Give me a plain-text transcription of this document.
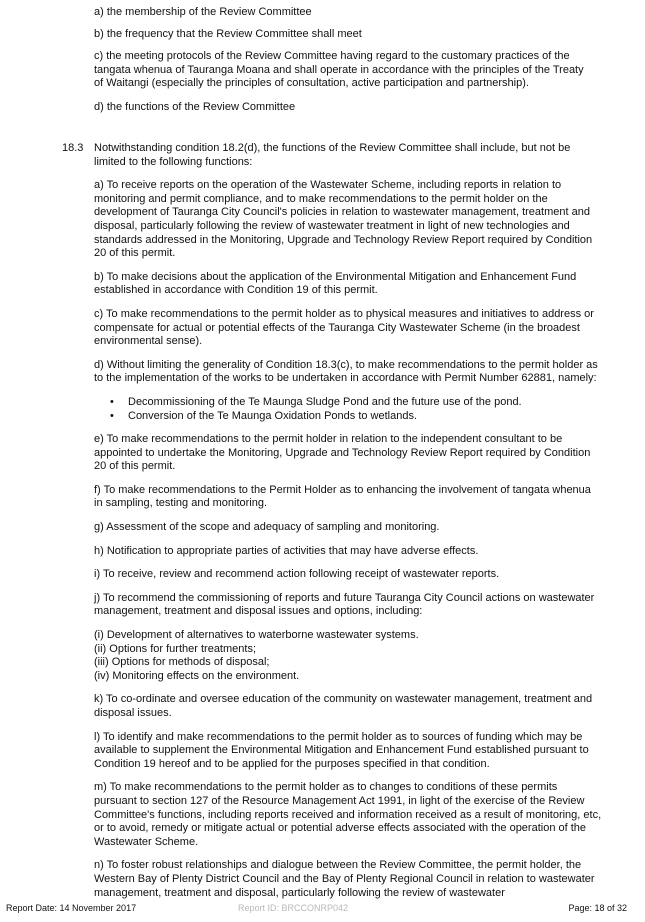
a) the membership of the Review Committee

b) the frequency that the Review Committee shall meet

c) the meeting protocols of the Review Committee having regard to the customary practices of the tangata whenua of Tauranga Moana and shall operate in accordance with the principles of the Treaty of Waitangi (especially the principles of consultation, active participation and partnership).

d) the functions of the Review Committee

18.3 Notwithstanding condition 18.2(d), the functions of the Review Committee shall include, but not be limited to the following functions:

a) To receive reports on the operation of the Wastewater Scheme, including reports in relation to monitoring and permit compliance, and to make recommendations to the permit holder on the development of Tauranga City Council's policies in relation to wastewater management, treatment and disposal, particularly following the review of wastewater treatment in light of new technologies and standards addressed in the Monitoring, Upgrade and Technology Review Report required by Condition 20 of this permit.

b) To make decisions about the application of the Environmental Mitigation and Enhancement Fund established in accordance with Condition 19 of this permit.

c) To make recommendations to the permit holder as to physical measures and initiatives to address or compensate for actual or potential effects of the Tauranga City Wastewater Scheme (in the broadest environmental sense).

d) Without limiting the generality of Condition 18.3(c), to make recommendations to the permit holder as to the implementation of the works to be undertaken in accordance with Permit Number 62881, namely:

• Decommissioning of the Te Maunga Sludge Pond and the future use of the pond.
• Conversion of the Te Maunga Oxidation Ponds to wetlands.

e) To make recommendations to the permit holder in relation to the independent consultant to be appointed to undertake the Monitoring, Upgrade and Technology Review Report required by Condition 20 of this permit.

f) To make recommendations to the Permit Holder as to enhancing the involvement of tangata whenua in sampling, testing and monitoring.

g) Assessment of the scope and adequacy of sampling and monitoring.

h) Notification to appropriate parties of activities that may have adverse effects.

i) To receive, review and recommend action following receipt of wastewater reports.

j) To recommend the commissioning of reports and future Tauranga City Council actions on wastewater management, treatment and disposal issues and options, including:

(i) Development of alternatives to waterborne wastewater systems.

(ii) Options for further treatments;

(iii) Options for methods of disposal;

(iv) Monitoring effects on the environment.

k) To co-ordinate and oversee education of the community on wastewater management, treatment and disposal issues.

l) To identify and make recommendations to the permit holder as to sources of funding which may be available to supplement the Environmental Mitigation and Enhancement Fund established pursuant to Condition 19 hereof and to be applied for the purposes specified in that condition.

m) To make recommendations to the permit holder as to changes to conditions of these permits pursuant to section 127 of the Resource Management Act 1991, in light of the exercise of the Review Committee's functions, including reports received and information received as a result of monitoring, etc, or to avoid, remedy or mitigate actual or potential adverse effects associated with the operation of the Wastewater Scheme.

n) To foster robust relationships and dialogue between the Review Committee, the permit holder, the Western Bay of Plenty District Council and the Bay of Plenty Regional Council in relation to wastewater management, treatment and disposal, particularly following the review of wastewater

Report Date: 14 November 2017	Report ID: BRCCONRP042	Page: 18 of 32
